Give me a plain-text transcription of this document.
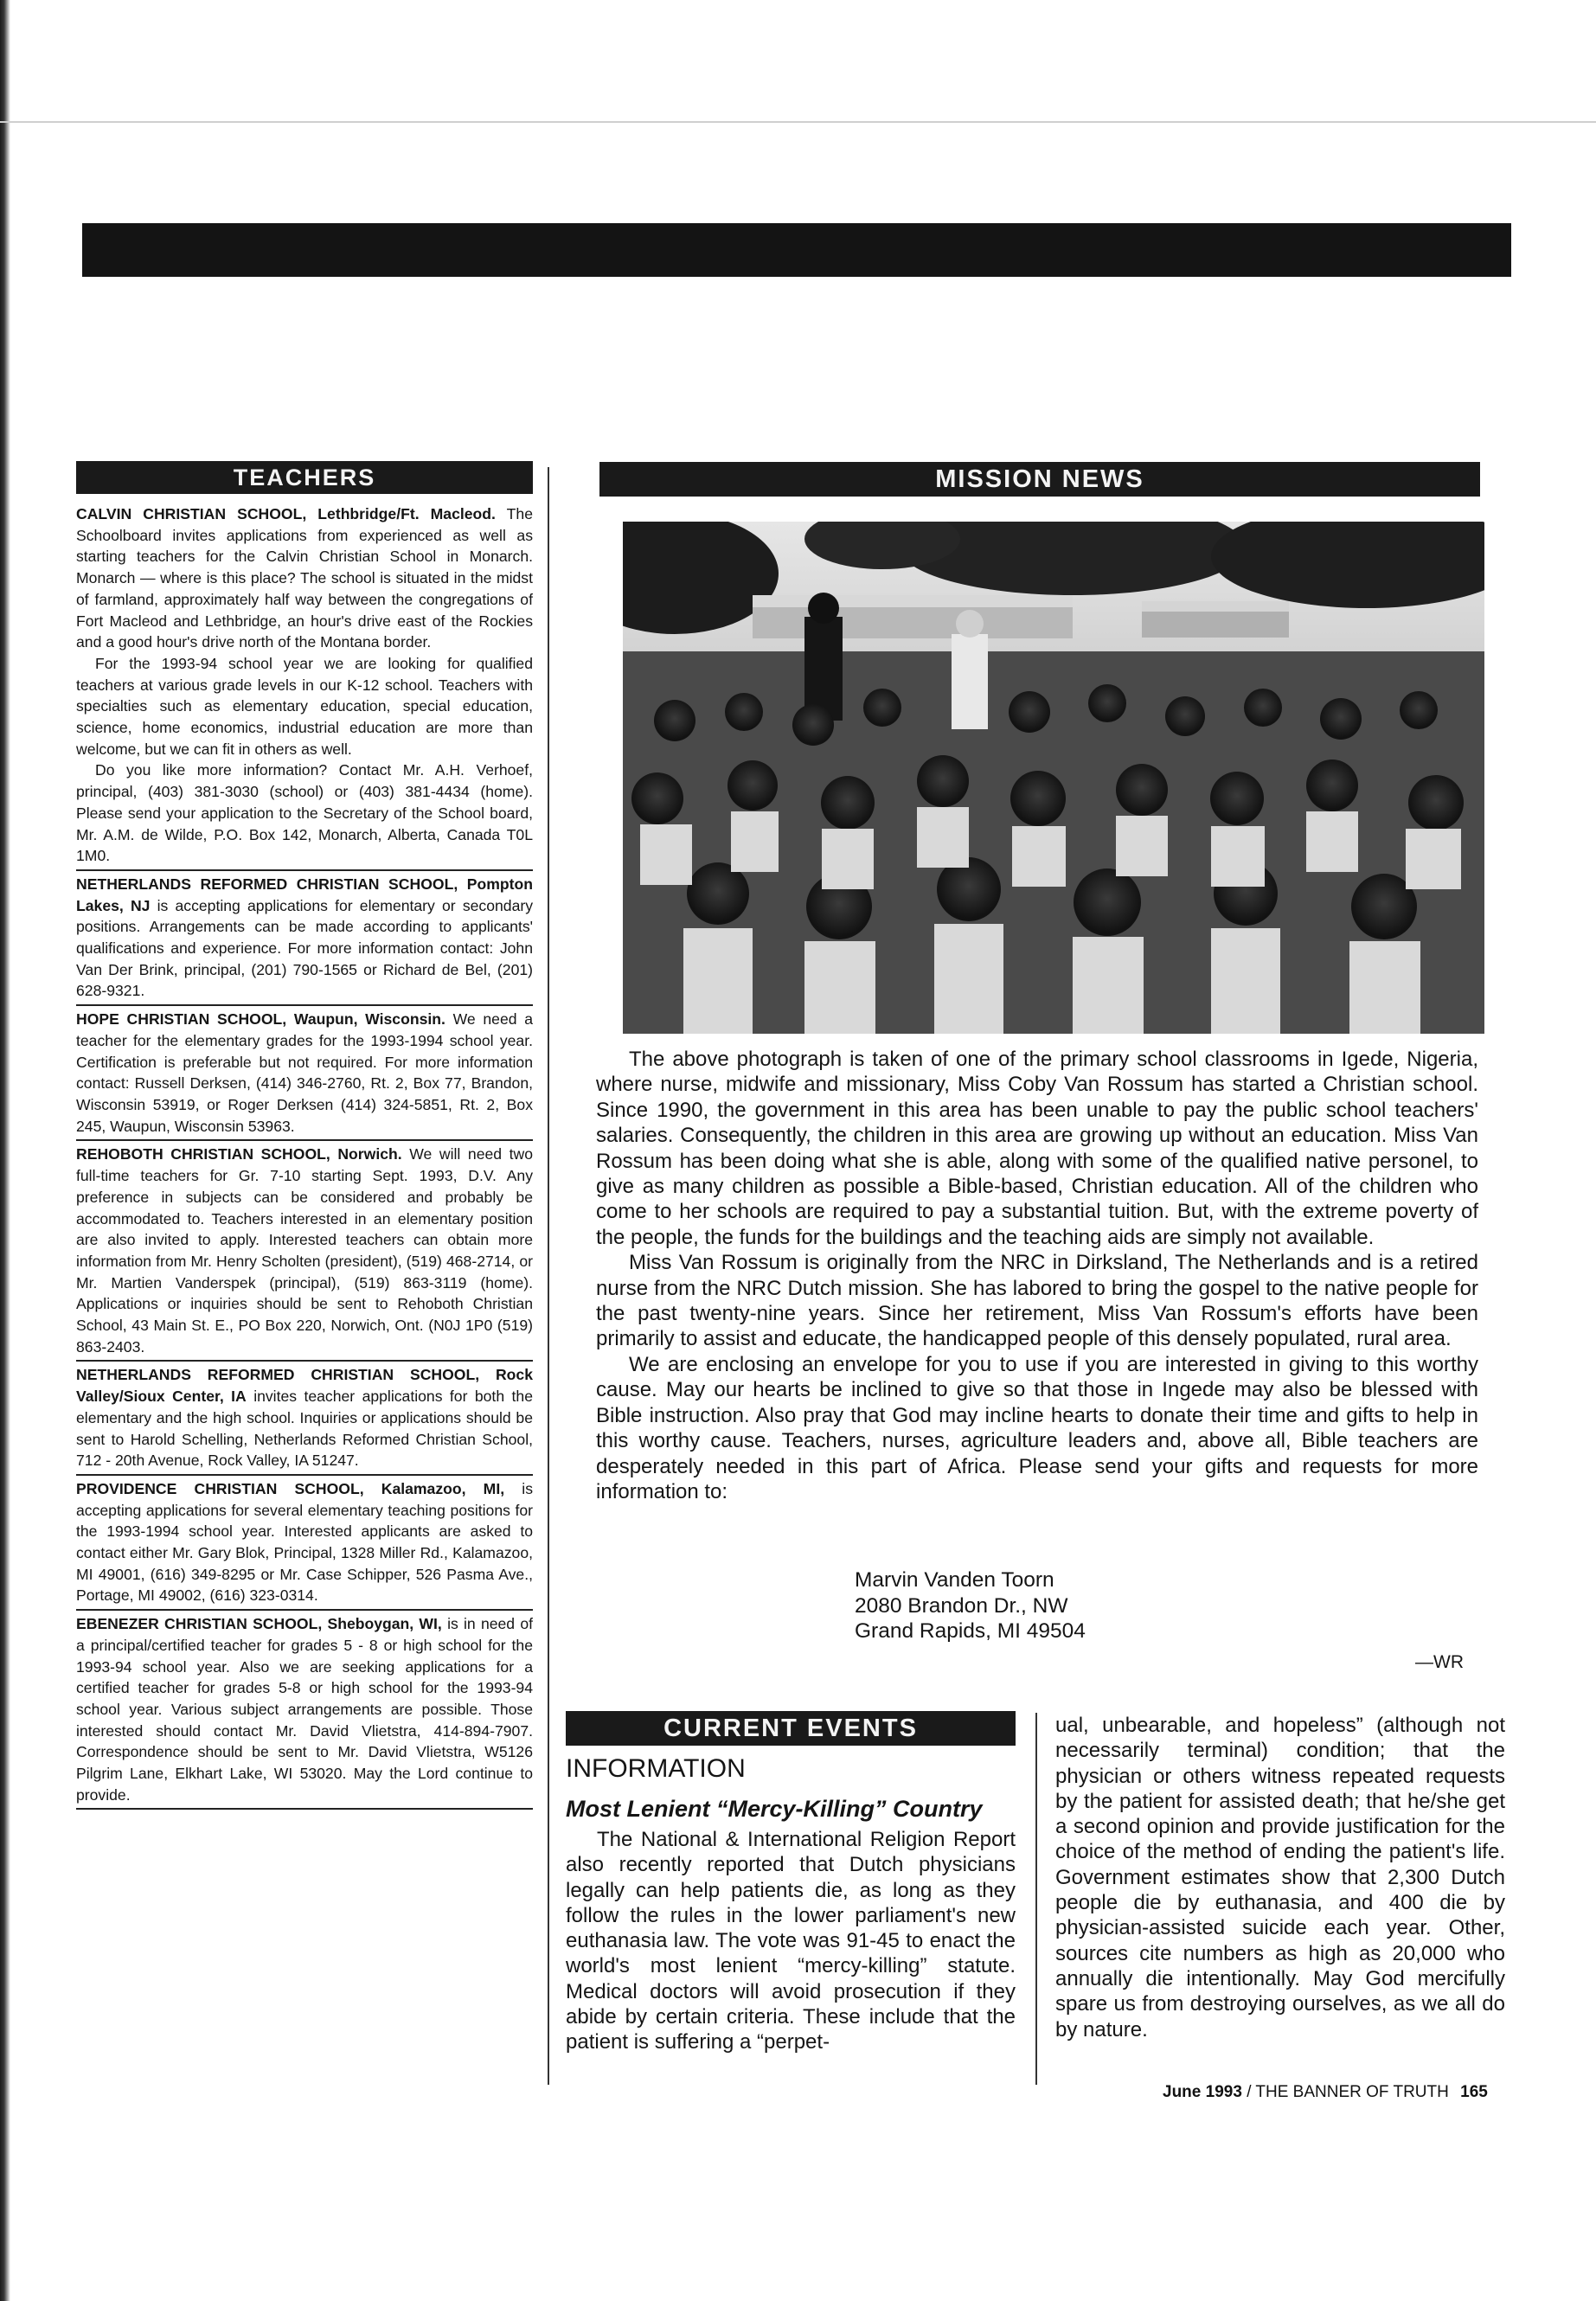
TEACHERS

CALVIN CHRISTIAN SCHOOL, Lethbridge/Ft. Macleod. The Schoolboard invites applications from experienced as well as starting teachers for the Calvin Christian School in Monarch. Monarch — where is this place? The school is situated in the midst of farmland, approximately half way between the congregations of Fort Macleod and Lethbridge, an hour's drive east of the Rockies and a good hour's drive north of the Montana border.

For the 1993-94 school year we are looking for qualified teachers at various grade levels in our K-12 school. Teachers with specialties such as elementary education, special education, science, home economics, industrial education are more than welcome, but we can fit in others as well.

Do you like more information? Contact Mr. A.H. Verhoef, principal, (403) 381-3030 (school) or (403) 381-4434 (home). Please send your application to the Secretary of the School board, Mr. A.M. de Wilde, P.O. Box 142, Monarch, Alberta, Canada T0L 1M0.

NETHERLANDS REFORMED CHRISTIAN SCHOOL, Pompton Lakes, NJ is accepting applications for elementary or secondary positions. Arrangements can be made according to applicants' qualifications and experience. For more information contact: John Van Der Brink, principal, (201) 790-1565 or Richard de Bel, (201) 628-9321.

HOPE CHRISTIAN SCHOOL, Waupun, Wisconsin. We need a teacher for the elementary grades for the 1993-1994 school year. Certification is preferable but not required. For more information contact: Russell Derksen, (414) 346-2760, Rt. 2, Box 77, Brandon, Wisconsin 53919, or Roger Derksen (414) 324-5851, Rt. 2, Box 245, Waupun, Wisconsin 53963.

REHOBOTH CHRISTIAN SCHOOL, Norwich. We will need two full-time teachers for Gr. 7-10 starting Sept. 1993, D.V. Any preference in subjects can be considered and probably be accommodated to. Teachers interested in an elementary position are also invited to apply. Interested teachers can obtain more information from Mr. Henry Scholten (president), (519) 468-2714, or Mr. Martien Vanderspek (principal), (519) 863-3119 (home). Applications or inquiries should be sent to Rehoboth Christian School, 43 Main St. E., PO Box 220, Norwich, Ont. (N0J 1P0 (519) 863-2403.

NETHERLANDS REFORMED CHRISTIAN SCHOOL, Rock Valley/Sioux Center, IA invites teacher applications for both the elementary and the high school. Inquiries or applications should be sent to Harold Schelling, Netherlands Reformed Christian School, 712 - 20th Avenue, Rock Valley, IA 51247.

PROVIDENCE CHRISTIAN SCHOOL, Kalamazoo, MI, is accepting applications for several elementary teaching positions for the 1993-1994 school year. Interested applicants are asked to contact either Mr. Gary Blok, Principal, 1328 Miller Rd., Kalamazoo, MI 49001, (616) 349-8295 or Mr. Case Schipper, 526 Pasma Ave., Portage, MI 49002, (616) 323-0314.

EBENEZER CHRISTIAN SCHOOL, Sheboygan, WI, is in need of a principal/certified teacher for grades 5 - 8 or high school for the 1993-94 school year. Also we are seeking applications for a certified teacher for grades 5-8 or high school for the 1993-94 school year. Various subject arrangements are possible. Those interested should contact Mr. David Vlietstra, 414-894-7907. Correspondence should be sent to Mr. David Vlietstra, W5126 Pilgrim Lane, Elkhart Lake, WI 53020. May the Lord continue to provide.

MISSION NEWS

The above photograph is taken of one of the primary school classrooms in Igede, Nigeria, where nurse, midwife and missionary, Miss Coby Van Rossum has started a Christian school. Since 1990, the government in this area has been unable to pay the public school teachers' salaries. Consequently, the children in this area are growing up without an education. Miss Van Rossum has been doing what she is able, along with some of the qualified native personel, to give as many children as possible a Bible-based, Christian education. All of the children who come to her schools are required to pay a substantial tuition. But, with the extreme poverty of the people, the funds for the buildings and the teaching aids are simply not available.

Miss Van Rossum is originally from the NRC in Dirksland, The Netherlands and is a retired nurse from the NRC Dutch mission. She has labored to bring the gospel to the native people for the past twenty-nine years. Since her retirement, Miss Van Rossum's efforts have been primarily to assist and educate, the handicapped people of this densely populated, rural area.

We are enclosing an envelope for you to use if you are interested in giving to this worthy cause. May our hearts be inclined to give so that those in Ingede may also be blessed with Bible instruction. Also pray that God may incline hearts to donate their time and gifts to help in this worthy cause. Teachers, nurses, agriculture leaders and, above all, Bible teachers are desperately needed in this part of Africa. Please send your gifts and requests for more information to:

Marvin Vanden Toorn
2080 Brandon Dr., NW
Grand Rapids, MI 49504
—WR
CURRENT EVENTS
INFORMATION
Most Lenient “Mercy-Killing” Country

The National & International Religion Report also recently reported that Dutch physicians legally can help patients die, as long as they follow the rules in the lower parliament's new euthanasia law. The vote was 91-45 to enact the world's most lenient “mercy-killing” statute. Medical doctors will avoid prosecution if they abide by certain criteria. These include that the patient is suffering a “perpet-

ual, unbearable, and hopeless” (although not necessarily terminal) condition; that the physician or others witness repeated requests by the patient for assisted death; that he/she get a second opinion and provide justification for the choice of the method of ending the patient's life. Government estimates show that 2,300 Dutch people die by euthanasia, and 400 die by physician-assisted suicide each year. Other, sources cite numbers as high as 20,000 who annually die intentionally. May God mercifully spare us from destroying ourselves, as we all do by nature.

June 1993 / THE BANNER OF TRUTH 165
